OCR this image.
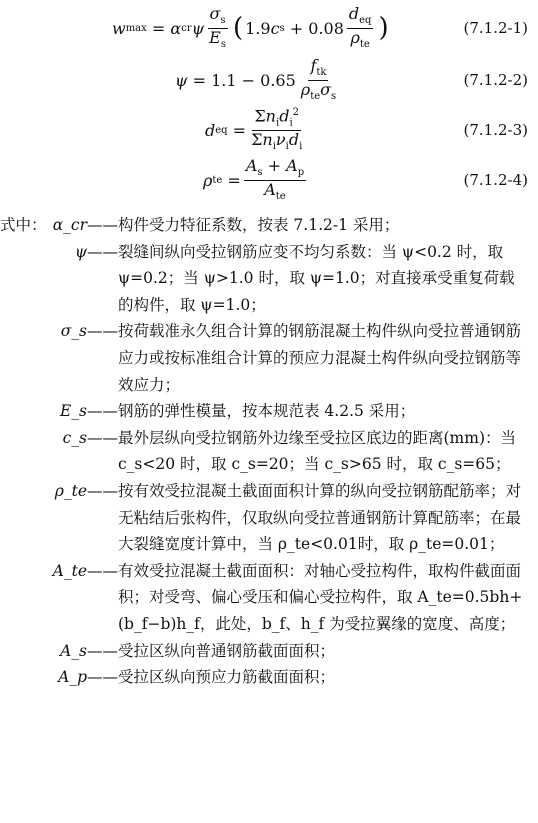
w max = α cr ψ $\frac{\sigma_s}{E_s}$ ( 1.9 c $s + 0.08 \frac{d_{eq}}{\rho_{te}}$ )	(7.1.2-1)
$\psi = 1.1 - 0.65 \frac{f_{tk}}{\rho_{te}\sigma_s}$	(7.1.2-2)
d eq = $\frac{\Sigma n_id_i^2}{\Sigma n_i\nu_id_i}$	(7.1.2-3)
ρ te = $\frac{A_s + A_p}{A_{te}}$	(7.1.2-4)
式中： α_cr—— 构件受力特征系数，按表 7.1.2-1 采用；
ψ—— 裂缝间纵向受拉钢筋应变不均匀系数：当 ψ<0.2 时，取 ψ=0.2；当 ψ>1.0 时，取 ψ=1.0；对直接承受重复荷载的构件，取 ψ=1.0；
σ_s—— 按荷载准永久组合计算的钢筋混凝土构件纵向受拉普通钢筋应力或按标准组合计算的预应力混凝土构件纵向受拉钢筋等效应力；
E_s—— 钢筋的弹性模量，按本规范表 4.2.5 采用；
c_s—— 最外层纵向受拉钢筋外边缘至受拉区底边的距离(mm)：当 c_s<20 时，取 c_s=20；当 c_s>65 时，取 c_s=65；
ρ_te—— 按有效受拉混凝土截面面积计算的纵向受拉钢筋配筋率；对无粘结后张构件，仅取纵向受拉普通钢筋计算配筋率；在最大裂缝宽度计算中，当 ρ_te<0.01时，取 ρ_te=0.01；
A_te—— 有效受拉混凝土截面面积：对轴心受拉构件，取构件截面面积；对受弯、偏心受压和偏心受拉构件，取 A_te=0.5bh+(b_f−b)h_f，此处，b_f、h_f 为受拉翼缘的宽度、高度；
A_s—— 受拉区纵向普通钢筋截面面积；
A_p—— 受拉区纵向预应力筋截面面积；
